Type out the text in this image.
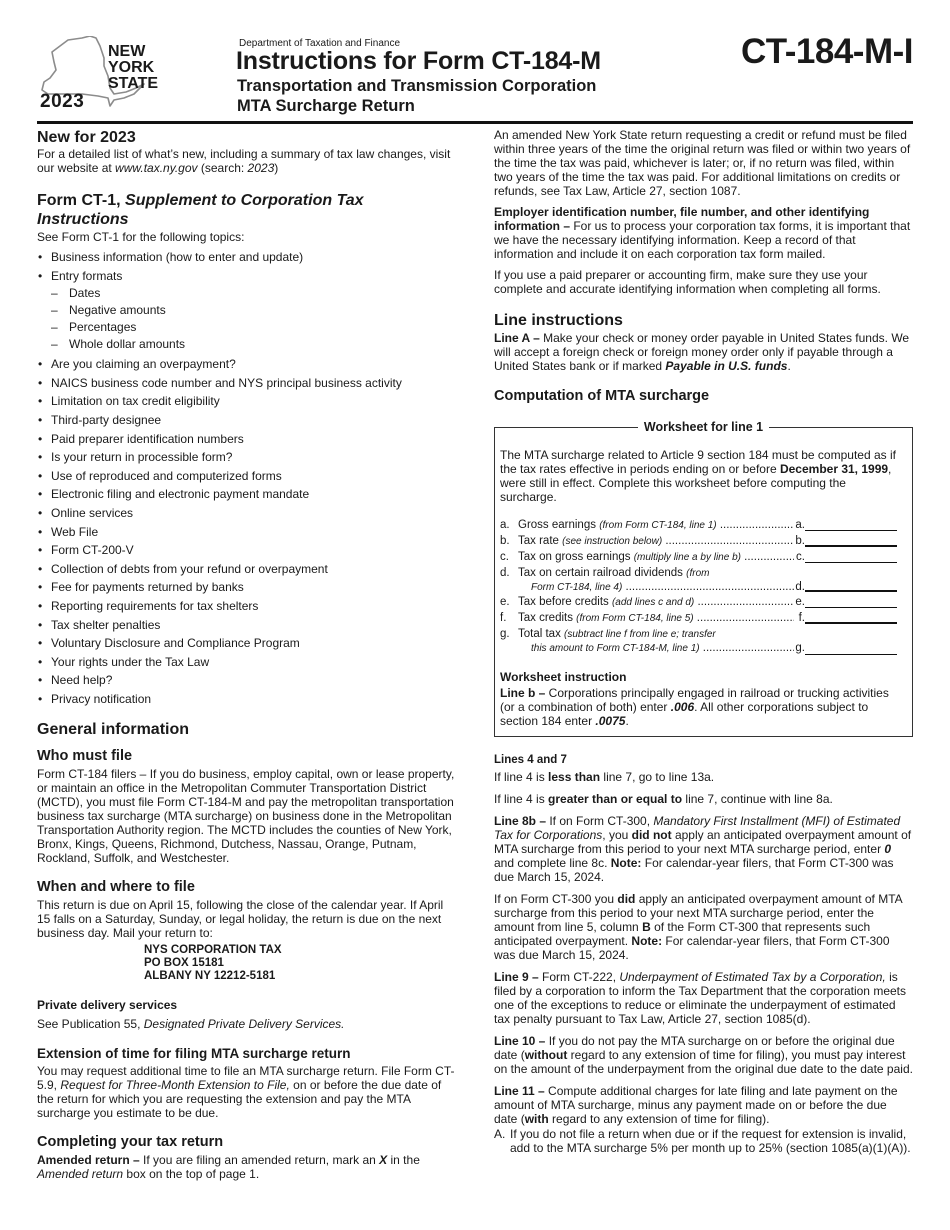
NEW
YORK
STATE
2023
Department of Taxation and Finance
Instructions for Form CT-184-M
Transportation and Transmission Corporation
MTA Surcharge Return
CT-184-M-I
New for 2023

For a detailed list of what’s new, including a summary of tax law changes, visit our website at www.tax.ny.gov (search: 2023)

Form CT-1, Supplement to Corporation Tax Instructions

See Form CT-1 for the following topics:

• Business information (how to enter and update)
• Entry formats
– Dates
– Negative amounts
– Percentages
– Whole dollar amounts
• Are you claiming an overpayment?
• NAICS business code number and NYS principal business activity
• Limitation on tax credit eligibility
• Third-party designee
• Paid preparer identification numbers
• Is your return in processible form?
• Use of reproduced and computerized forms
• Electronic filing and electronic payment mandate
• Online services
• Web File
• Form CT-200-V
• Collection of debts from your refund or overpayment
• Fee for payments returned by banks
• Reporting requirements for tax shelters
• Tax shelter penalties
• Voluntary Disclosure and Compliance Program
• Your rights under the Tax Law
• Need help?
• Privacy notification
General information
Who must file

Form CT-184 filers – If you do business, employ capital, own or lease property, or maintain an office in the Metropolitan Commuter Transportation District (MCTD), you must file Form CT-184-M and pay the metropolitan transportation business tax surcharge (MTA surcharge) on business done in the Metropolitan Transportation Authority region. The MCTD includes the counties of New York, Bronx, Kings, Queens, Richmond, Dutchess, Nassau, Orange, Putnam, Rockland, Suffolk, and Westchester.

When and where to file

This return is due on April 15, following the close of the calendar year. If April 15 falls on a Saturday, Sunday, or legal holiday, the return is due on the next business day. Mail your return to:

NYS CORPORATION TAX
PO BOX 15181
ALBANY NY 12212-5181
Private delivery services

See Publication 55, Designated Private Delivery Services.

Extension of time for filing MTA surcharge return

You may request additional time to file an MTA surcharge return. File Form CT-5.9, Request for Three-Month Extension to File, on or before the due date of the return for which you are requesting the extension and pay the MTA surcharge you estimate to be due.

Completing your tax return

Amended return – If you are filing an amended return, mark an X in the Amended return box on the top of page 1.

An amended New York State return requesting a credit or refund must be filed within three years of the time the original return was filed or within two years of the time the tax was paid, whichever is later; or, if no return was filed, within two years of the time the tax was paid. For additional limitations on credits or refunds, see Tax Law, Article 27, section 1087.

Employer identification number, file number, and other identifying information – For us to process your corporation tax forms, it is important that we have the necessary identifying information. Keep a record of that information and include it on each corporation tax form mailed.

If you use a paid preparer or accounting firm, make sure they use your complete and accurate identifying information when completing all forms.

Line instructions

Line A – Make your check or money order payable in United States funds. We will accept a foreign check or foreign money order only if payable through a United States bank or if marked Payable in U.S. funds.

Computation of MTA surcharge
Worksheet for line 1

The MTA surcharge related to Article 9 section 184 must be computed as if the tax rates effective in periods ending on or before December 31, 1999, were still in effect. Complete this worksheet before computing the surcharge.

a. Gross earnings (from Form CT-184, line 1) .....	a.
b. Tax rate (see instruction below) .....	b.
c. Tax on gross earnings (multiply line a by line b) .....	c.
d. Tax on certain railroad dividends (from
Form CT-184, line 4) .....	d.
e. Tax before credits (add lines c and d) .....	e.
f. Tax credits (from Form CT-184, line 5) .....	f.
g. Total tax (subtract line f from line e; transfer
this amount to Form CT-184-M, line 1) .....	g.
Worksheet instruction

Line b – Corporations principally engaged in railroad or trucking activities (or a combination of both) enter .006. All other corporations subject to section 184 enter .0075.

Lines 4 and 7

If line 4 is less than line 7, go to line 13a.

If line 4 is greater than or equal to line 7, continue with line 8a.

Line 8b – If on Form CT-300, Mandatory First Installment (MFI) of Estimated Tax for Corporations, you did not apply an anticipated overpayment amount of MTA surcharge from this period to your next MTA surcharge period, enter 0 and complete line 8c. Note: For calendar-year filers, that Form CT-300 was due March 15, 2024.

If on Form CT-300 you did apply an anticipated overpayment amount of MTA surcharge from this period to your next MTA surcharge period, enter the amount from line 5, column B of the Form CT-300 that represents such anticipated overpayment. Note: For calendar-year filers, that Form CT-300 was due March 15, 2024.

Line 9 – Form CT-222, Underpayment of Estimated Tax by a Corporation, is filed by a corporation to inform the Tax Department that the corporation meets one of the exceptions to reduce or eliminate the underpayment of estimated tax penalty pursuant to Tax Law, Article 27, section 1085(d).

Line 10 – If you do not pay the MTA surcharge on or before the original due date (without regard to any extension of time for filing), you must pay interest on the amount of the underpayment from the original due date to the date paid.

Line 11 – Compute additional charges for late filing and late payment on the amount of MTA surcharge, minus any payment made on or before the due date (with regard to any extension of time for filing).

A. If you do not file a return when due or if the request for extension is invalid, add to the MTA surcharge 5% per month up to 25% (section 1085(a)(1)(A)).
